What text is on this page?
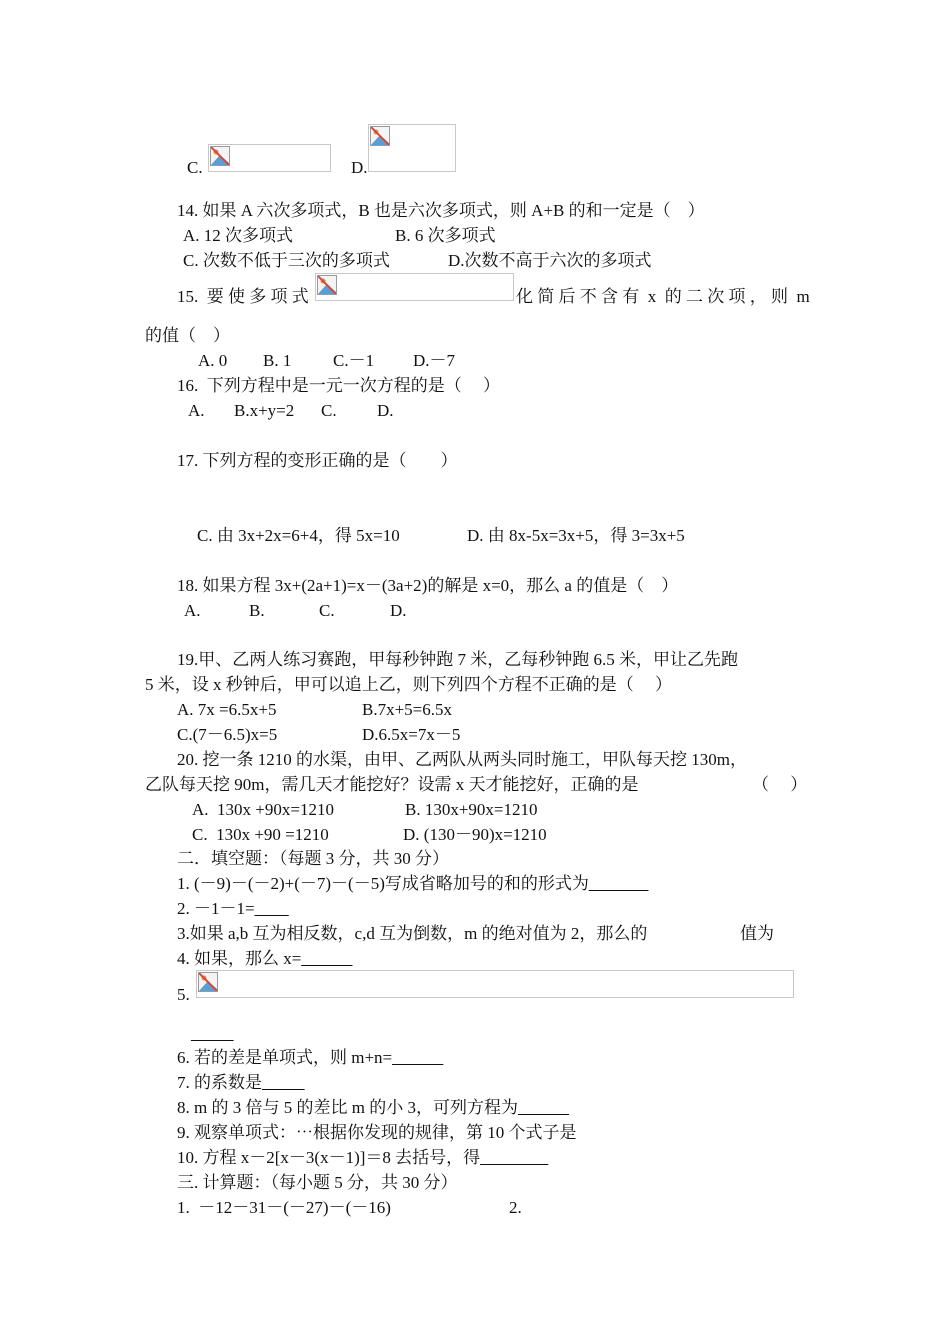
C.	D.
14. 如果 A 六次多项式，B 也是六次多项式，则 A+B 的和一定是（　）
A. 12 次多项式	B. 6 次多项式
C. 次数不低于三次的多项式	D.次数不高于六次的多项式
15.  要 使 多 项 式	化 简 后 不 含 有  x  的 二 次 项 ， 则  m
的值（　）
A. 0 B. 1 C.－1 D.－7
16.  下列方程中是一元一次方程的是（　 ）
A. B.x+y=2 C. D.
17. 下列方程的变形正确的是（　　）
C. 由 3x+2x=6+4，得 5x=10	D. 由 8x-5x=3x+5，得 3=3x+5
18. 如果方程 3x+(2a+1)=x－(3a+2)的解是 x=0，那么 a 的值是（　）
A.	B.	C.	D.
19.甲、乙两人练习赛跑，甲每秒钟跑 7 米，乙每秒钟跑 6.5 米，甲让乙先跑
5 米，设 x 秒钟后，甲可以追上乙，则下列四个方程不正确的是（　 ）
A. 7x =6.5x+5	B.7x+5=6.5x
C.(7－6.5)x=5	D.6.5x=7x－5
20. 挖一条 1210 的水渠，由甲、乙两队从两头同时施工，甲队每天挖 130m，
乙队每天挖 90m，需几天才能挖好？设需 x 天才能挖好，正确的是	（　 ）
A.  130x +90x=1210	B. 130x+90x=1210
C.  130x +90 =1210	D. (130－90)x=1210
二．填空题：（每题 3 分，共 30 分）
1. (－9)－(－2)+(－7)－(－5)写成省略加号的和的形式为_______
2. －1－1=____
3.如果 a,b 互为相反数，c,d 互为倒数，m 的绝对值为 2，那么的	值为
4. 如果，那么 x=______
5.
_____
6. 若的差是单项式，则 m+n=______
7. 的系数是_____
8. m 的 3 倍与 5 的差比 m 的小 3，可列方程为______
9. 观察单项式：⋯根据你发现的规律，第 10 个式子是
10. 方程 x－2[x－3(x－1)]＝8 去括号，得________
三. 计算题：（每小题 5 分，共 30 分）
1.  －12－31－(－27)－(－16)	2.
